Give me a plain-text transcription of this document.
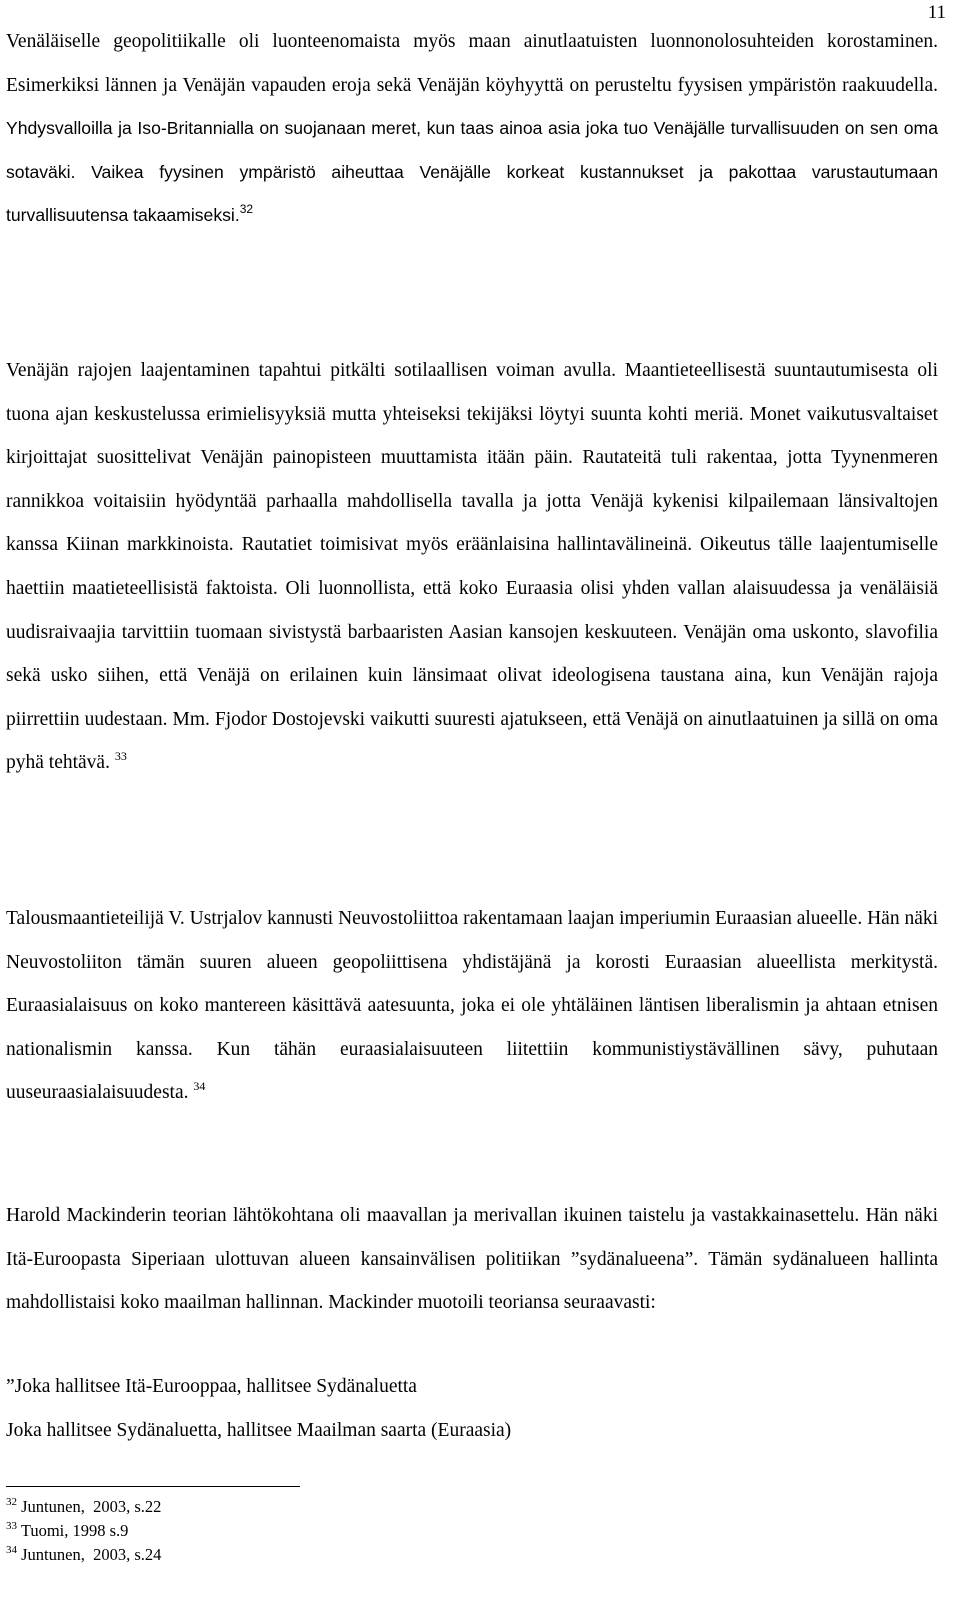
11

Venäläiselle geopolitiikalle oli luonteenomaista myös maan ainutlaatuisten luonnonolosuhteiden korostaminen. Esimerkiksi lännen ja Venäjän vapauden eroja sekä Venäjän köyhyyttä on perusteltu fyysisen ympäristön raakuudella. Yhdysvalloilla ja Iso-Britannialla on suojanaan meret, kun taas ainoa asia joka tuo Venäjälle turvallisuuden on sen oma sotaväki. Vaikea fyysinen ympäristö aiheuttaa Venäjälle korkeat kustannukset ja pakottaa varustautumaan turvallisuutensa takaamiseksi.$^{32}$

Venäjän rajojen laajentaminen tapahtui pitkälti sotilaallisen voiman avulla. Maantieteellisestä suuntautumisesta oli tuona ajan keskustelussa erimielisyyksiä mutta yhteiseksi tekijäksi löytyi suunta kohti meriä. Monet vaikutusvaltaiset kirjoittajat suosittelivat Venäjän painopisteen muuttamista itään päin. Rautateitä tuli rakentaa, jotta Tyynenmeren rannikkoa voitaisiin hyödyntää parhaalla mahdollisella tavalla ja jotta Venäjä kykenisi kilpailemaan länsivaltojen kanssa Kiinan markkinoista. Rautatiet toimisivat myös eräänlaisina hallintavälineinä. Oikeutus tälle laajentumiselle haettiin maatieteellisistä faktoista. Oli luonnollista, että koko Euraasia olisi yhden vallan alaisuudessa ja venäläisiä uudisraivaajia tarvittiin tuomaan sivistystä barbaaristen Aasian kansojen keskuuteen. Venäjän oma uskonto, slavofilia sekä usko siihen, että Venäjä on erilainen kuin länsimaat olivat ideologisena taustana aina, kun Venäjän rajoja piirrettiin uudestaan. Mm. Fjodor Dostojevski vaikutti suuresti ajatukseen, että Venäjä on ainutlaatuinen ja sillä on oma pyhä tehtävä. $^{33}$

Talousmaantieteilijä V. Ustrjalov kannusti Neuvostoliittoa rakentamaan laajan imperiumin Euraasian alueelle. Hän näki Neuvostoliiton tämän suuren alueen geopoliittisena yhdistäjänä ja korosti Euraasian alueellista merkitystä. Euraasialaisuus on koko mantereen käsittävä aatesuunta, joka ei ole yhtäläinen läntisen liberalismin ja ahtaan etnisen nationalismin kanssa. Kun tähän euraasialaisuuteen liitettiin kommunistiystävällinen sävy, puhutaan uuseuraasialaisuudesta. $^{34}$

Harold Mackinderin teorian lähtökohtana oli maavallan ja merivallan ikuinen taistelu ja vastakkainasettelu. Hän näki Itä-Euroopasta Siperiaan ulottuvan alueen kansainvälisen politiikan ”sydänalueena”. Tämän sydänalueen hallinta mahdollistaisi koko maailman hallinnan. Mackinder muotoili teoriansa seuraavasti:

”Joka hallitsee Itä-Eurooppaa, hallitsee Sydänaluetta
Joka hallitsee Sydänaluetta, hallitsee Maailman saarta (Euraasia)
$^{32}$ Juntunen,  2003, s.22
$^{33}$ Tuomi, 1998 s.9
$^{34}$ Juntunen,  2003, s.24
